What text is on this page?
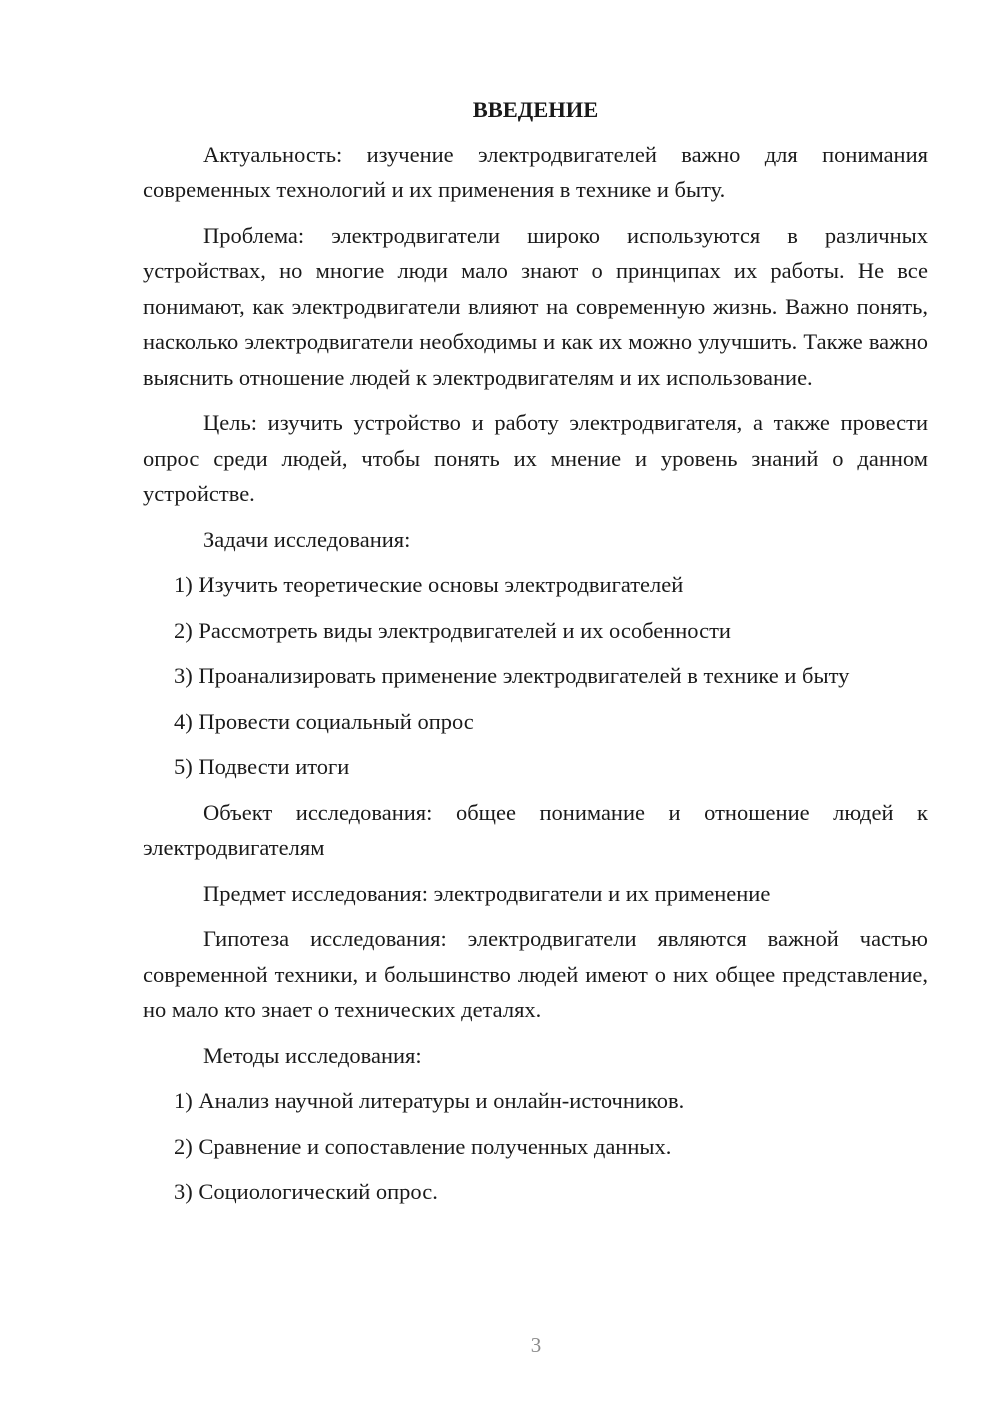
ВВЕДЕНИЕ

Актуальность: изучение электродвигателей важно для понимания современных технологий и их применения в технике и быту.

Проблема: электродвигатели широко используются в различных устройствах, но многие люди мало знают о принципах их работы. Не все понимают, как электродвигатели влияют на современную жизнь. Важно понять, насколько электродвигатели необходимы и как их можно улучшить. Также важно выяснить отношение людей к электродвигателям и их использование.

Цель: изучить устройство и работу электродвигателя, а также провести опрос среди людей, чтобы понять их мнение и уровень знаний о данном устройстве.

Задачи исследования:

1) Изучить теоретические основы электродвигателей
2) Рассмотреть виды электродвигателей и их особенности
3) Проанализировать применение электродвигателей в технике и быту
4) Провести социальный опрос
5) Подвести итоги

Объект исследования: общее понимание и отношение людей к электродвигателям

Предмет исследования: электродвигатели и их применение

Гипотеза исследования: электродвигатели являются важной частью современной техники, и большинство людей имеют о них общее представление, но мало кто знает о технических деталях.

Методы исследования:

1) Анализ научной литературы и онлайн-источников.
2) Сравнение и сопоставление полученных данных.
3) Социологический опрос.
3
